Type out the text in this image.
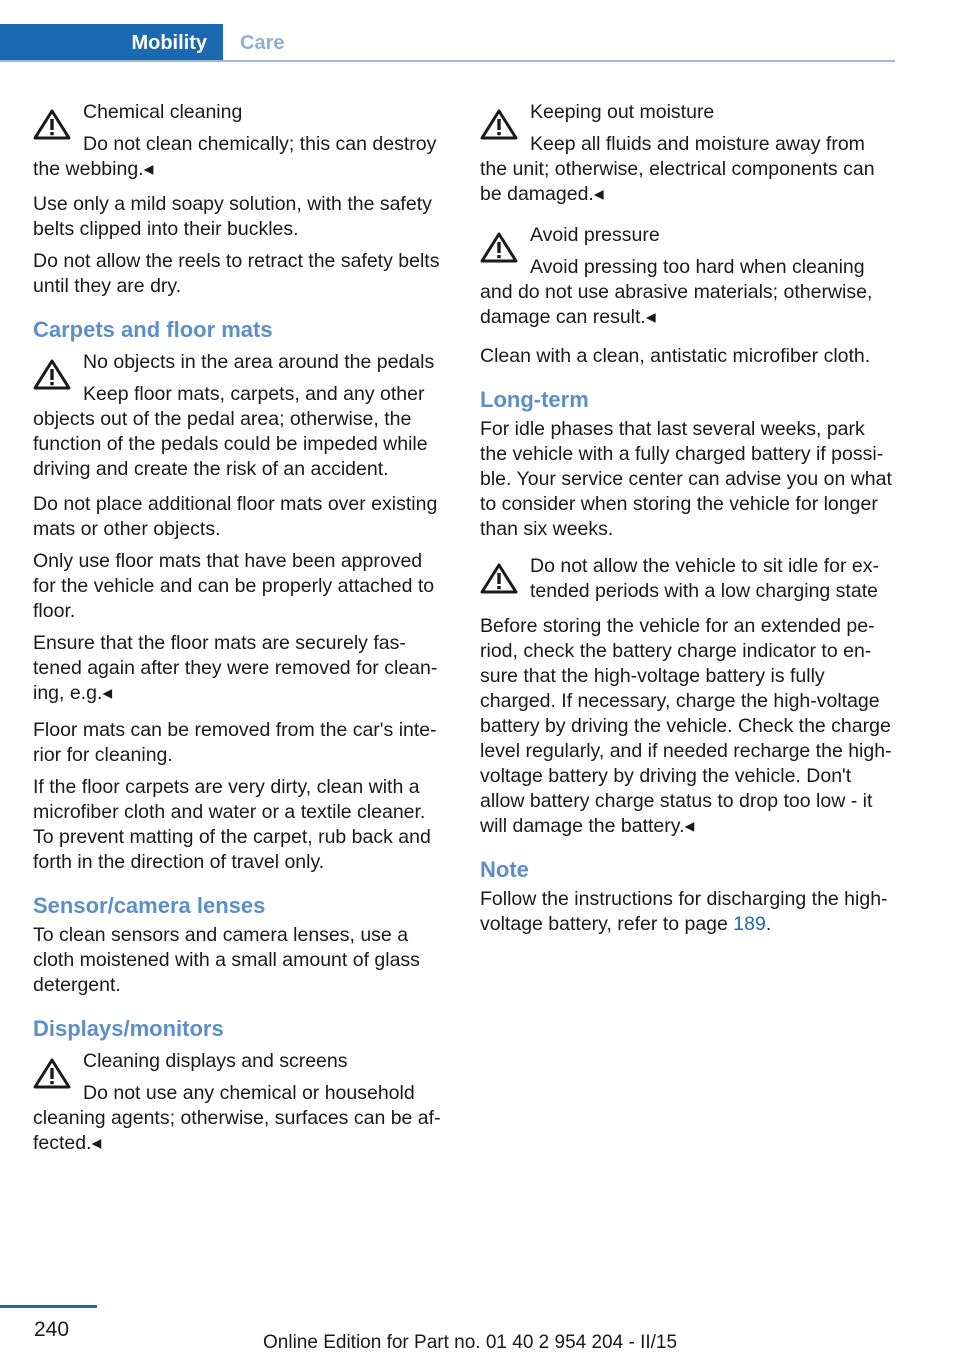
Mobility	Care
Chemical cleaning
Do not clean chemically; this can destroy the webbing.◂

Use only a mild soapy solution, with the safety belts clipped into their buckles.

Do not allow the reels to retract the safety belts until they are dry.

Carpets and floor mats
No objects in the area around the pedals
Keep floor mats, carpets, and any other objects out of the pedal area; otherwise, the function of the pedals could be impeded while driving and create the risk of an accident.

Do not place additional floor mats over existing mats or other objects.

Only use floor mats that have been approved for the vehicle and can be properly attached to floor.

Ensure that the floor mats are securely fas-tened again after they were removed for clean-ing, e.g.◂

Floor mats can be removed from the car's inte-rior for cleaning.

If the floor carpets are very dirty, clean with a microfiber cloth and water or a textile cleaner. To prevent matting of the carpet, rub back and forth in the direction of travel only.

Sensor/camera lenses

To clean sensors and camera lenses, use a cloth moistened with a small amount of glass detergent.

Displays/monitors
Cleaning displays and screens
Do not use any chemical or household cleaning agents; otherwise, surfaces can be af-fected.◂
Keeping out moisture
Keep all fluids and moisture away from the unit; otherwise, electrical components can be damaged.◂
Avoid pressure
Avoid pressing too hard when cleaning and do not use abrasive materials; otherwise, damage can result.◂

Clean with a clean, antistatic microfiber cloth.

Long-term

For idle phases that last several weeks, park the vehicle with a fully charged battery if possi-ble. Your service center can advise you on what to consider when storing the vehicle for longer than six weeks.

Do not allow the vehicle to sit idle for ex-tended periods with a low charging state

Before storing the vehicle for an extended pe-riod, check the battery charge indicator to en-sure that the high-voltage battery is fully charged. If necessary, charge the high-voltage battery by driving the vehicle. Check the charge level regularly, and if needed recharge the high-voltage battery by driving the vehicle. Don't allow battery charge status to drop too low - it will damage the battery.◂

Note

Follow the instructions for discharging the high-voltage battery, refer to page 189.

240
Online Edition for Part no. 01 40 2 954 204 - II/15
